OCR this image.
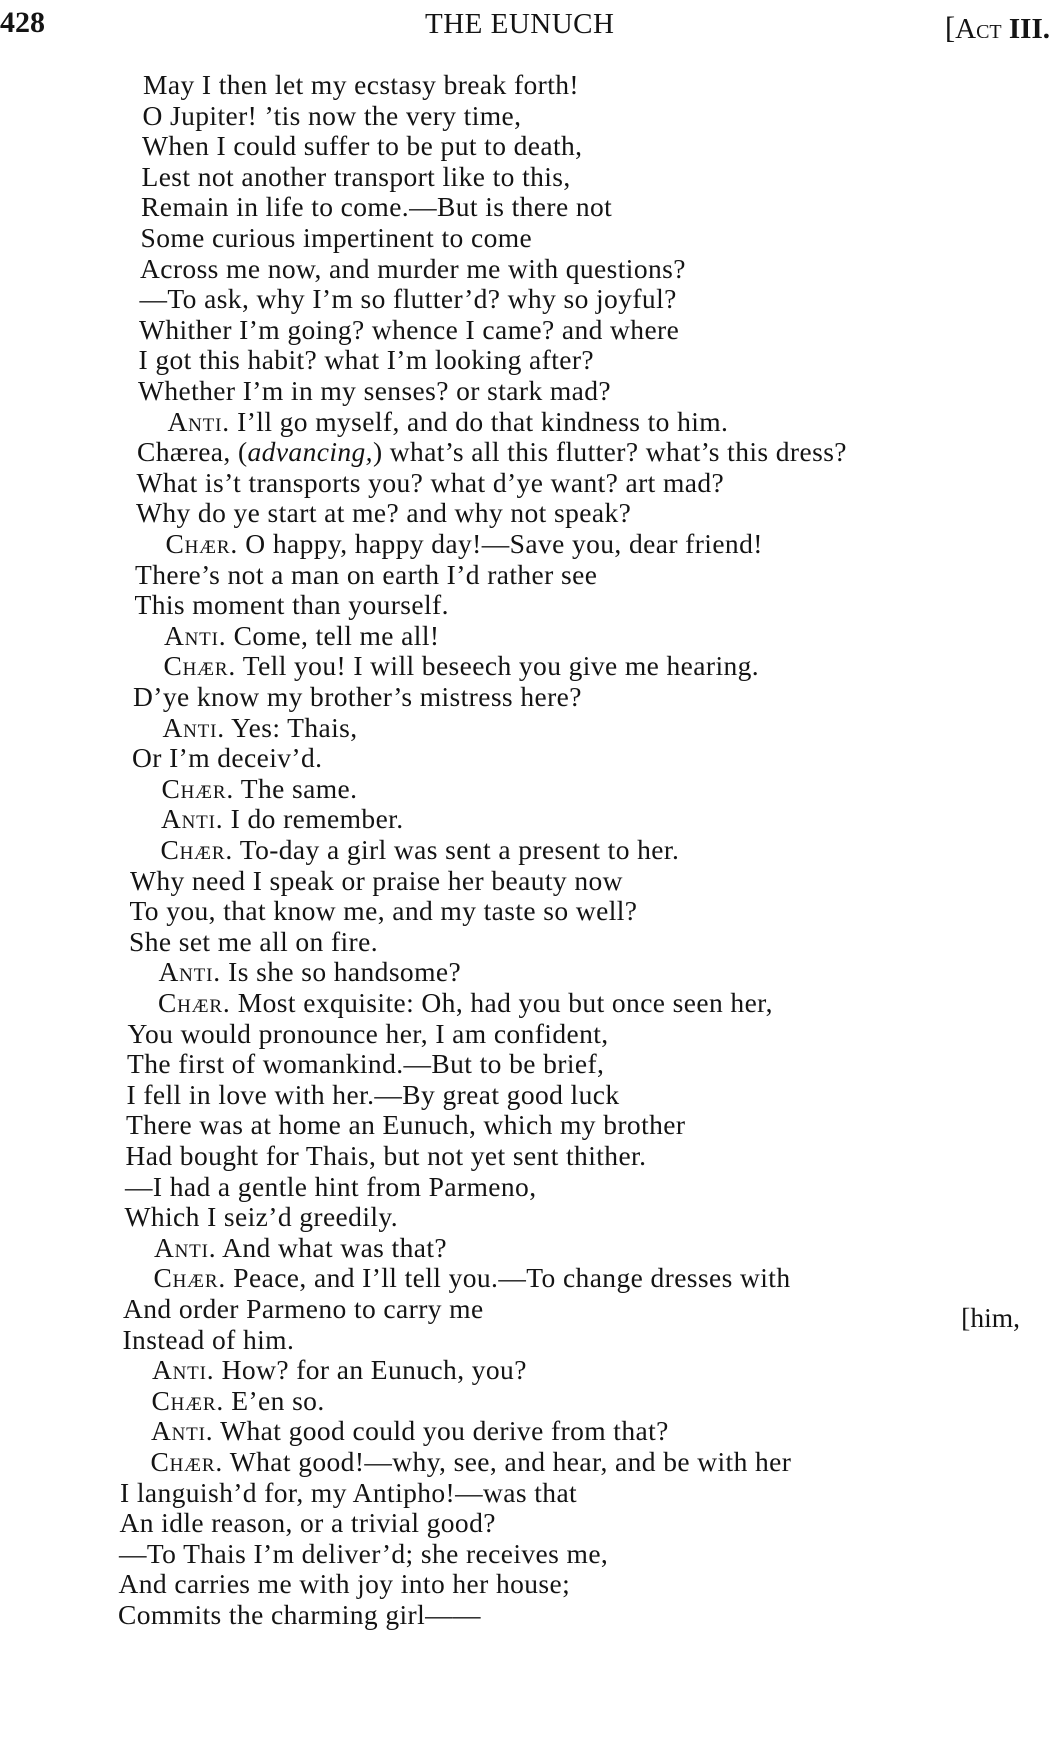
428	THE EUNUCH	[Act III.
May I then let my ecstasy break forth!
O Jupiter! ’tis now the very time,
When I could suffer to be put to death,
Lest not another transport like to this,
Remain in life to come.—But is there not
Some curious impertinent to come
Across me now, and murder me with questions?
—To ask, why I’m so flutter’d? why so joyful?
Whither I’m going? whence I came? and where
I got this habit? what I’m looking after?
Whether I’m in my senses? or stark mad?
Anti. I’ll go myself, and do that kindness to him.
Chærea, (advancing,) what’s all this flutter? what’s this dress?
What is’t transports you? what d’ye want? art mad?
Why do ye start at me? and why not speak?
Chær. O happy, happy day!—Save you, dear friend!
There’s not a man on earth I’d rather see
This moment than yourself.
Anti. Come, tell me all!
Chær. Tell you! I will beseech you give me hearing.
D’ye know my brother’s mistress here?
Anti. Yes: Thais,
Or I’m deceiv’d.
Chær. The same.
Anti. I do remember.
Chær. To-day a girl was sent a present to her.
Why need I speak or praise her beauty now
To you, that know me, and my taste so well?
She set me all on fire.
Anti. Is she so handsome?
Chær. Most exquisite: Oh, had you but once seen her,
You would pronounce her, I am confident,
The first of womankind.—But to be brief,
I fell in love with her.—By great good luck
There was at home an Eunuch, which my brother
Had bought for Thais, but not yet sent thither.
—I had a gentle hint from Parmeno,
Which I seiz’d greedily.
Anti. And what was that?
Chær. Peace, and I’ll tell you.—To change dresses with
And order Parmeno to carry me	[him,
Instead of him.
Anti. How? for an Eunuch, you?
Chær. E’en so.
Anti. What good could you derive from that?
Chær. What good!—why, see, and hear, and be with her
I languish’d for, my Antipho!—was that
An idle reason, or a trivial good?
—To Thais I’m deliver’d; she receives me,
And carries me with joy into her house;
Commits the charming girl——
